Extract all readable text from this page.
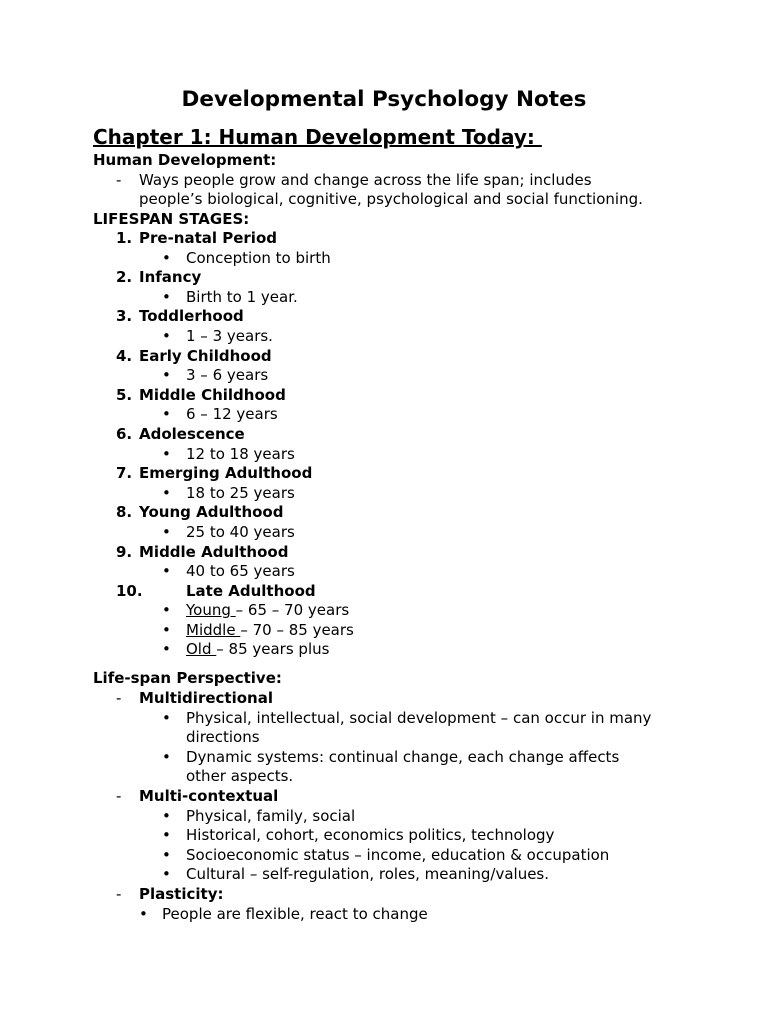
Developmental Psychology Notes
Chapter 1: Human Development Today:
Human Development:
- Ways people grow and change across the life span; includes
people’s biological, cognitive, psychological and social functioning.
LIFESPAN STAGES:
1. Pre-natal Period
• Conception to birth
2. Infancy
• Birth to 1 year.
3. Toddlerhood
• 1 – 3 years.
4. Early Childhood
• 3 – 6 years
5. Middle Childhood
• 6 – 12 years
6. Adolescence
• 12 to 18 years
7. Emerging Adulthood
• 18 to 25 years
8. Young Adulthood
• 25 to 40 years
9. Middle Adulthood
• 40 to 65 years
10.	Late Adulthood
• Young – 65 – 70 years
• Middle – 70 – 85 years
• Old – 85 years plus
Life-span Perspective:
- Multidirectional
• Physical, intellectual, social development – can occur in many
directions
• Dynamic systems: continual change, each change affects
other aspects.
- Multi-contextual
• Physical, family, social
• Historical, cohort, economics politics, technology
• Socioeconomic status – income, education & occupation
• Cultural – self-regulation, roles, meaning/values.
- Plasticity:
• People are flexible, react to change
